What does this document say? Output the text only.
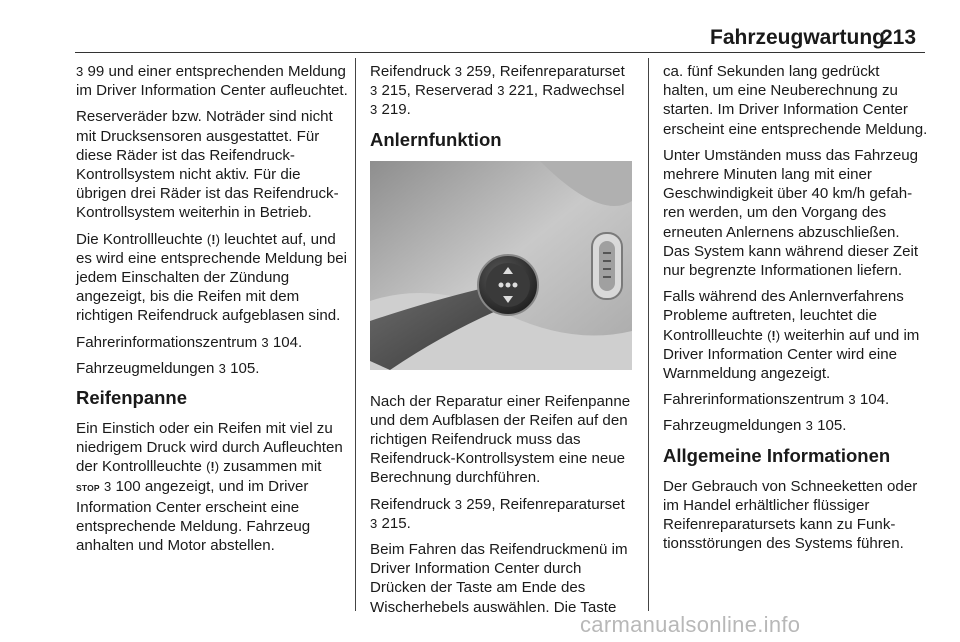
Fahrzeugwartung
213

3 99 und einer entsprechenden Meldung im Driver Information Center aufleuchtet.

Reserveräder bzw. Noträder sind nicht mit Drucksensoren ausgestattet. Für diese Räder ist das Reifendruck-Kontrollsystem nicht aktiv. Für die übrigen drei Räder ist das Reifendruck-Kontrollsystem weiterhin in Betrieb.

Die Kontrollleuchte (!) leuchtet auf, und es wird eine entsprechende Meldung bei jedem Einschalten der Zündung angezeigt, bis die Reifen mit dem richtigen Reifendruck aufgeblasen sind.

Fahrerinformationszentrum 3 104.

Fahrzeugmeldungen 3 105.

Reifenpanne

Ein Einstich oder ein Reifen mit viel zu niedrigem Druck wird durch Aufleuchten der Kontrollleuchte (!) zusammen mit STOP 3 100 angezeigt, und im Driver Information Center erscheint eine entsprechende Meldung. Fahrzeug anhalten und Motor abstellen.

Reifendruck 3 259, Reifenreparaturset 3 215, Reserverad 3 221, Radwechsel 3 219.

Anlernfunktion

Nach der Reparatur einer Reifenpanne und dem Aufblasen der Reifen auf den richtigen Reifendruck muss das Reifendruck-Kontrollsystem eine neue Berechnung durchführen.

Reifendruck 3 259, Reifenreparaturset 3 215.

Beim Fahren das Reifendruckmenü im Driver Information Center durch Drücken der Taste am Ende des Wischerhebels auswählen. Die Taste

ca. fünf Sekunden lang gedrückt halten, um eine Neuberechnung zu starten. Im Driver Information Center erscheint eine entsprechende Meldung.

Unter Umständen muss das Fahrzeug mehrere Minuten lang mit einer Geschwindigkeit über 40 km/h gefahren werden, um den Vorgang des erneuten Anlernens abzuschließen. Das System kann während dieser Zeit nur begrenzte Informationen liefern.

Falls während des Anlernverfahrens Probleme auftreten, leuchtet die Kontrollleuchte (!) weiterhin auf und im Driver Information Center wird eine Warnmeldung angezeigt.

Fahrerinformationszentrum 3 104.

Fahrzeugmeldungen 3 105.

Allgemeine Informationen

Der Gebrauch von Schneeketten oder im Handel erhältlicher flüssiger Reifenreparatursets kann zu Funktionsstörungen des Systems führen.

carmanualsonline.info
